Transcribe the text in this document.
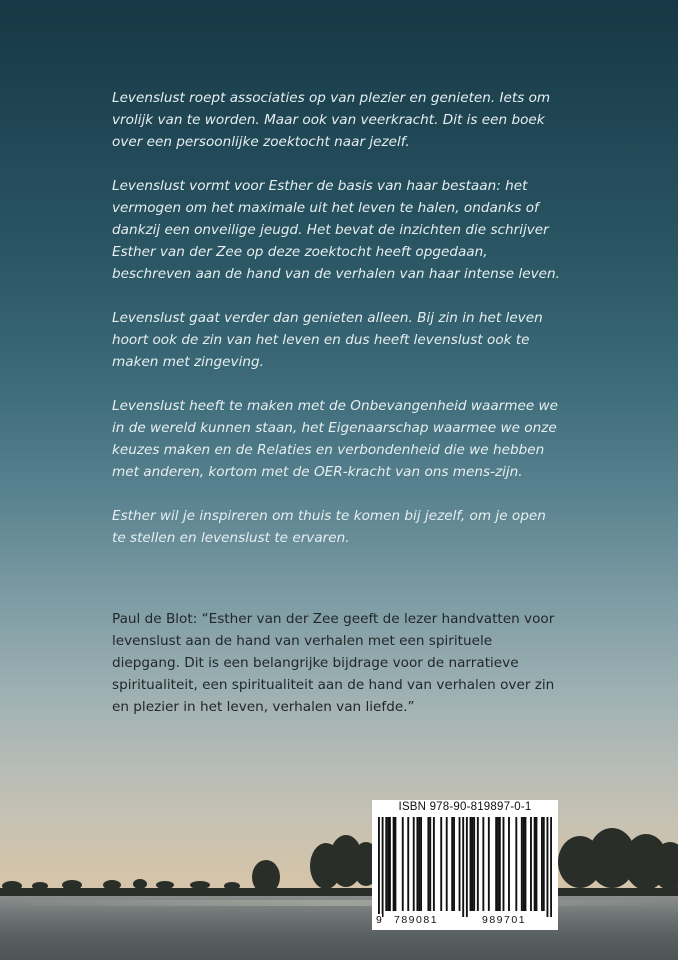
Levenslust roept associaties op van plezier en genieten. Iets om vrolijk van te worden. Maar ook van veerkracht. Dit is een boek over een persoonlijke zoektocht naar jezelf.

Levenslust vormt voor Esther de basis van haar bestaan: het vermogen om het maximale uit het leven te halen, ondanks of dankzij een onveilige jeugd. Het bevat de inzichten die schrijver Esther van der Zee op deze zoektocht heeft opgedaan, beschreven aan de hand van de verhalen van haar intense leven.

Levenslust gaat verder dan genieten alleen. Bij zin in het leven hoort ook de zin van het leven en dus heeft levenslust ook te maken met zingeving.

Levenslust heeft te maken met de Onbevangenheid waarmee we in de wereld kunnen staan, het Eigenaarschap waarmee we onze keuzes maken en de Relaties en verbondenheid die we hebben met anderen, kortom met de OER-kracht van ons mens-zijn.

Esther wil je inspireren om thuis te komen bij jezelf, om je open te stellen en levenslust te ervaren.

Paul de Blot: “Esther van der Zee geeft de lezer handvatten voor levenslust aan de hand van verhalen met een spirituele diepgang. Dit is een belangrijke bijdrage voor de narratieve spiritualiteit, een spiritualiteit aan de hand van verhalen over zin en plezier in het leven, verhalen van liefde.”

ISBN 978-90-819897-0-1
9 789081	989701
